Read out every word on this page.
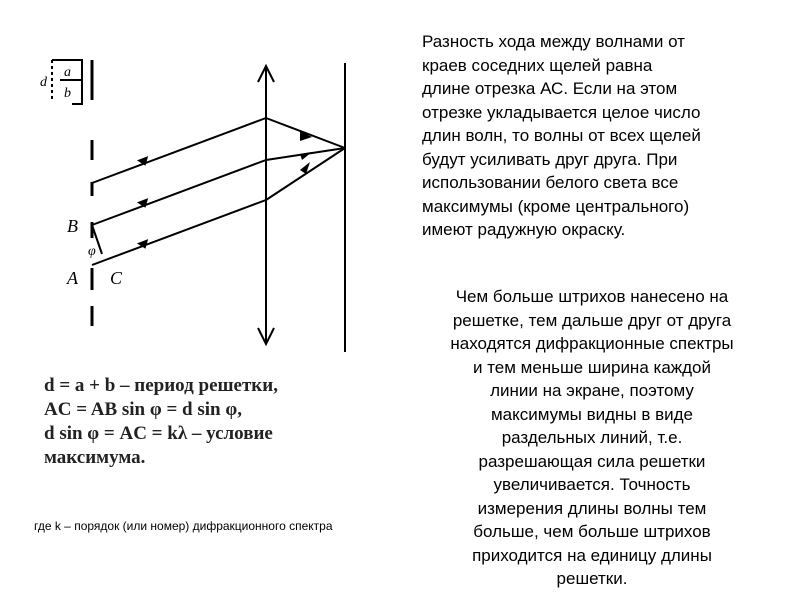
d
a
b
B
A C
φ
d = a + b – период решетки,
AC = AB sin φ = d sin φ,
d sin φ = AC = kλ – условие
максимума.
где k – порядок (или номер) дифракционного спектра
Разность хода между волнами от
краев соседних щелей равна
длине отрезка АС. Если на этом
отрезке укладывается целое число
длин волн, то волны от всех щелей
будут усиливать друг друга. При
использовании белого света все
максимумы (кроме центрального)
имеют радужную окраску.
Чем больше штрихов нанесено на
решетке, тем дальше друг от друга
находятся дифракционные спектры
и тем меньше ширина каждой
линии на экране, поэтому
максимумы видны в виде
раздельных линий, т.е.
разрешающая сила решетки
увеличивается. Точность
измерения длины волны тем
больше, чем больше штрихов
приходится на единицу длины
решетки.
